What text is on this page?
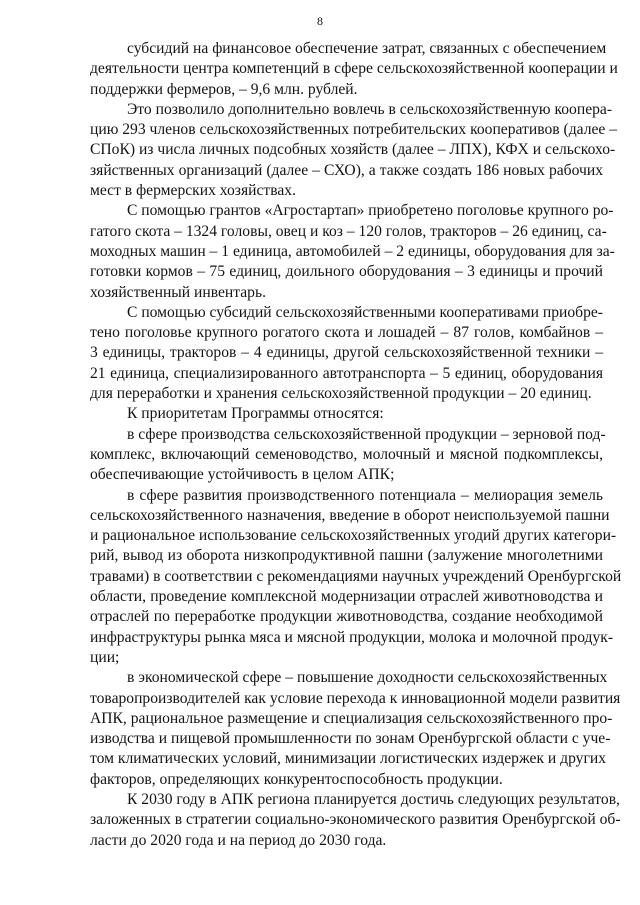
8
субсидий на финансовое обеспечение затрат, связанных с обеспечением
деятельности центра компетенций в сфере сельскохозяйственной кооперации и
поддержки фермеров, – 9,6 млн. рублей.
Это позволило дополнительно вовлечь в сельскохозяйственную коопера-
цию 293 членов сельскохозяйственных потребительских кооперативов (далее –
СПоК) из числа личных подсобных хозяйств (далее – ЛПХ), КФХ и сельскохо-
зяйственных организаций (далее – СХО), а также создать 186 новых рабочих
мест в фермерских хозяйствах.
С помощью грантов «Агростартап» приобретено поголовье крупного ро-
гатого скота – 1324 головы, овец и коз – 120 голов, тракторов – 26 единиц, са-
моходных машин – 1 единица, автомобилей – 2 единицы, оборудования для за-
готовки кормов – 75 единиц, доильного оборудования – 3 единицы и прочий
хозяйственный инвентарь.
С помощью субсидий сельскохозяйственными кооперативами приобре-
тено поголовье крупного рогатого скота и лошадей – 87 голов, комбайнов –
3 единицы, тракторов – 4 единицы, другой сельскохозяйственной техники –
21 единица, специализированного автотранспорта – 5 единиц, оборудования
для переработки и хранения сельскохозяйственной продукции – 20 единиц.
К приоритетам Программы относятся:
в сфере производства сельскохозяйственной продукции – зерновой под-
комплекс, включающий семеноводство, молочный и мясной подкомплексы,
обеспечивающие устойчивость в целом АПК;
в сфере развития производственного потенциала – мелиорация земель
сельскохозяйственного назначения, введение в оборот неиспользуемой пашни
и рациональное использование сельскохозяйственных угодий других категори-
рий, вывод из оборота низкопродуктивной пашни (залужение многолетними
травами) в соответствии с рекомендациями научных учреждений Оренбургской
области, проведение комплексной модернизации отраслей животноводства и
отраслей по переработке продукции животноводства, создание необходимой
инфраструктуры рынка мяса и мясной продукции, молока и молочной продук-
ции;
в экономической сфере – повышение доходности сельскохозяйственных
товаропроизводителей как условие перехода к инновационной модели развития
АПК, рациональное размещение и специализация сельскохозяйственного про-
изводства и пищевой промышленности по зонам Оренбургской области с уче-
том климатических условий, минимизации логистических издержек и других
факторов, определяющих конкурентоспособность продукции.
К 2030 году в АПК региона планируется достичь следующих результатов,
заложенных в стратегии социально-экономического развития Оренбургской об-
ласти до 2020 года и на период до 2030 года.
